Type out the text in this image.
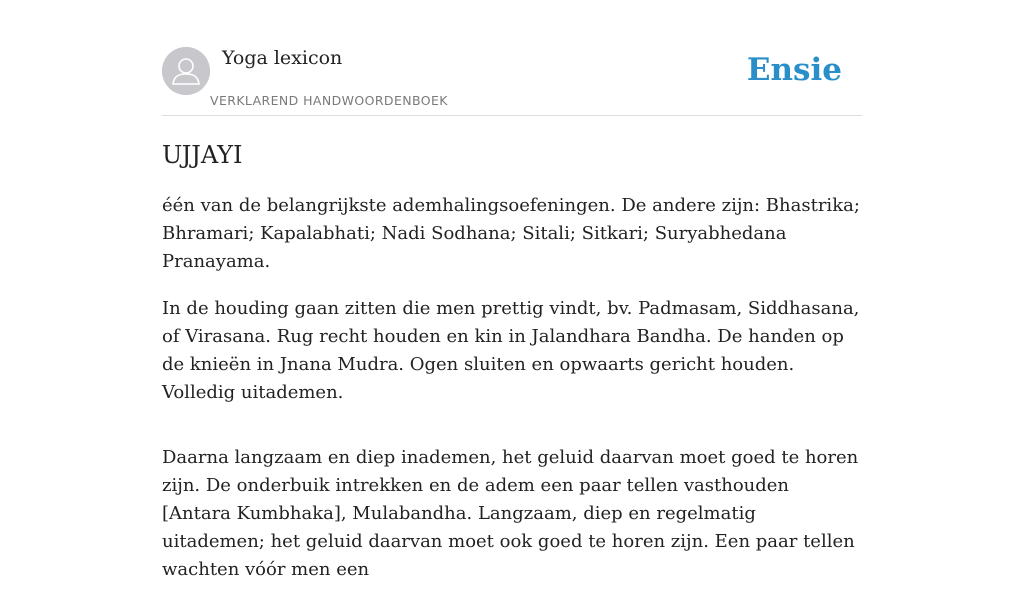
Yoga lexicon
VERKLAREND HANDWOORDENBOEK
Ensie
UJJAYI

één van de belangrijkste ademhalingsoefeningen. De andere zijn: Bhastrika; Bhramari; Kapalabhati; Nadi Sodhana; Sitali; Sitkari; Suryabhedana Pranayama.

In de houding gaan zitten die men prettig vindt, bv. Padmasam, Siddhasana, of Virasana. Rug recht houden en kin in Jalandhara Bandha. De handen op de knieën in Jnana Mudra. Ogen sluiten en opwaarts gericht houden. Volledig uitademen.

Daarna langzaam en diep inademen, het geluid daarvan moet goed te horen zijn. De onderbuik intrekken en de adem een paar tellen vasthouden [Antara Kumbhaka], Mulabandha. Langzaam, diep en regelmatig uitademen; het geluid daarvan moet ook goed te horen zijn. Een paar tellen wachten vóór men een
